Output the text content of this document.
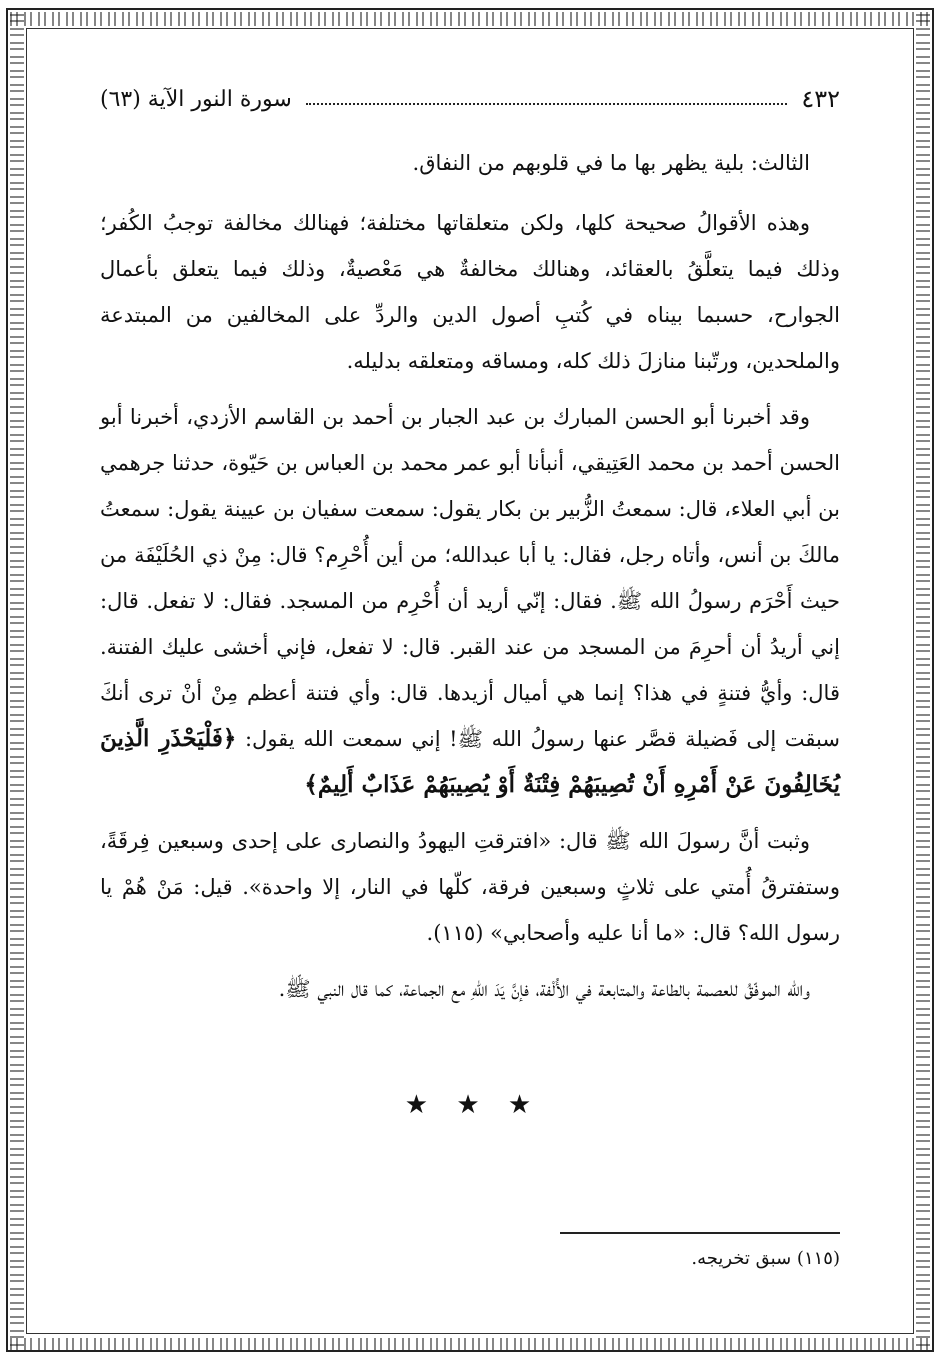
٤٣٢
سورة النور الآية (٦٣)

الثالث: بلية يظهر بها ما في قلوبهم من النفاق.

وهذه الأقوالُ صحيحة كلها، ولكن متعلقاتها مختلفة؛ فهنالك مخالفة توجبُ الكُفر؛ وذلك فيما يتعلَّقُ بالعقائد، وهنالك مخالفةٌ هي مَعْصيةٌ، وذلك فيما يتعلق بأعمال الجوارح، حسبما بيناه في كُتبِ أصول الدين والردِّ على المخالفين من المبتدعة والملحدين، ورتّبنا منازلَ ذلك كله، ومساقه ومتعلقه بدليله.

وقد أخبرنا أبو الحسن المبارك بن عبد الجبار بن أحمد بن القاسم الأزدي، أخبرنا أبو الحسن أحمد بن محمد العَتِيقي، أنبأنا أبو عمر محمد بن العباس بن حَيّوة، حدثنا جرهمي بن أبي العلاء، قال: سمعتُ الزُّبير بن بكار يقول: سمعت سفيان بن عيينة يقول: سمعتُ مالكَ بن أنس، وأتاه رجل، فقال: يا أبا عبدالله؛ من أين أُحْرِم؟ قال: مِنْ ذي الحُلَيْفَة من حيث أَحْرَم رسولُ الله ﷺ. فقال: إنّي أريد أن أُحْرِم من المسجد. فقال: لا تفعل. قال: إني أريدُ أن أحرِمَ من المسجد من عند القبر. قال: لا تفعل، فإني أخشى عليك الفتنة. قال: وأيُّ فتنةٍ في هذا؟ إنما هي أميال أزيدها. قال: وأي فتنة أعظم مِنْ أنْ ترى أنكَ سبقت إلى فَضيلة قصَّر عنها رسولُ الله ﷺ! إني سمعت الله يقول: ﴿فَلْيَحْذَرِ الَّذِينَ يُخَالِفُونَ عَنْ أَمْرِهِ أَنْ تُصِيبَهُمْ فِتْنَةٌ أَوْ يُصِيبَهُمْ عَذَابٌ أَلِيمٌ﴾

وثبت أنَّ رسولَ الله ﷺ قال: «افترقتِ اليهودُ والنصارى على إحدى وسبعين فِرقَةً، وستفترقُ أُمتي على ثلاثٍ وسبعين فرقة، كلّها في النار، إلا واحدة». قيل: مَنْ هُمْ يا رسول الله؟ قال: «ما أنا عليه وأصحابي» (١١٥).

والله الموفّقُ للعصمة بالطاعة والمتابعة في الأُلْفة، فإنَّ يَدَ اللهِ مع الجماعة، كما قال النبي ﷺ.

★ ★ ★
(١١٥) سبق تخريجه.
